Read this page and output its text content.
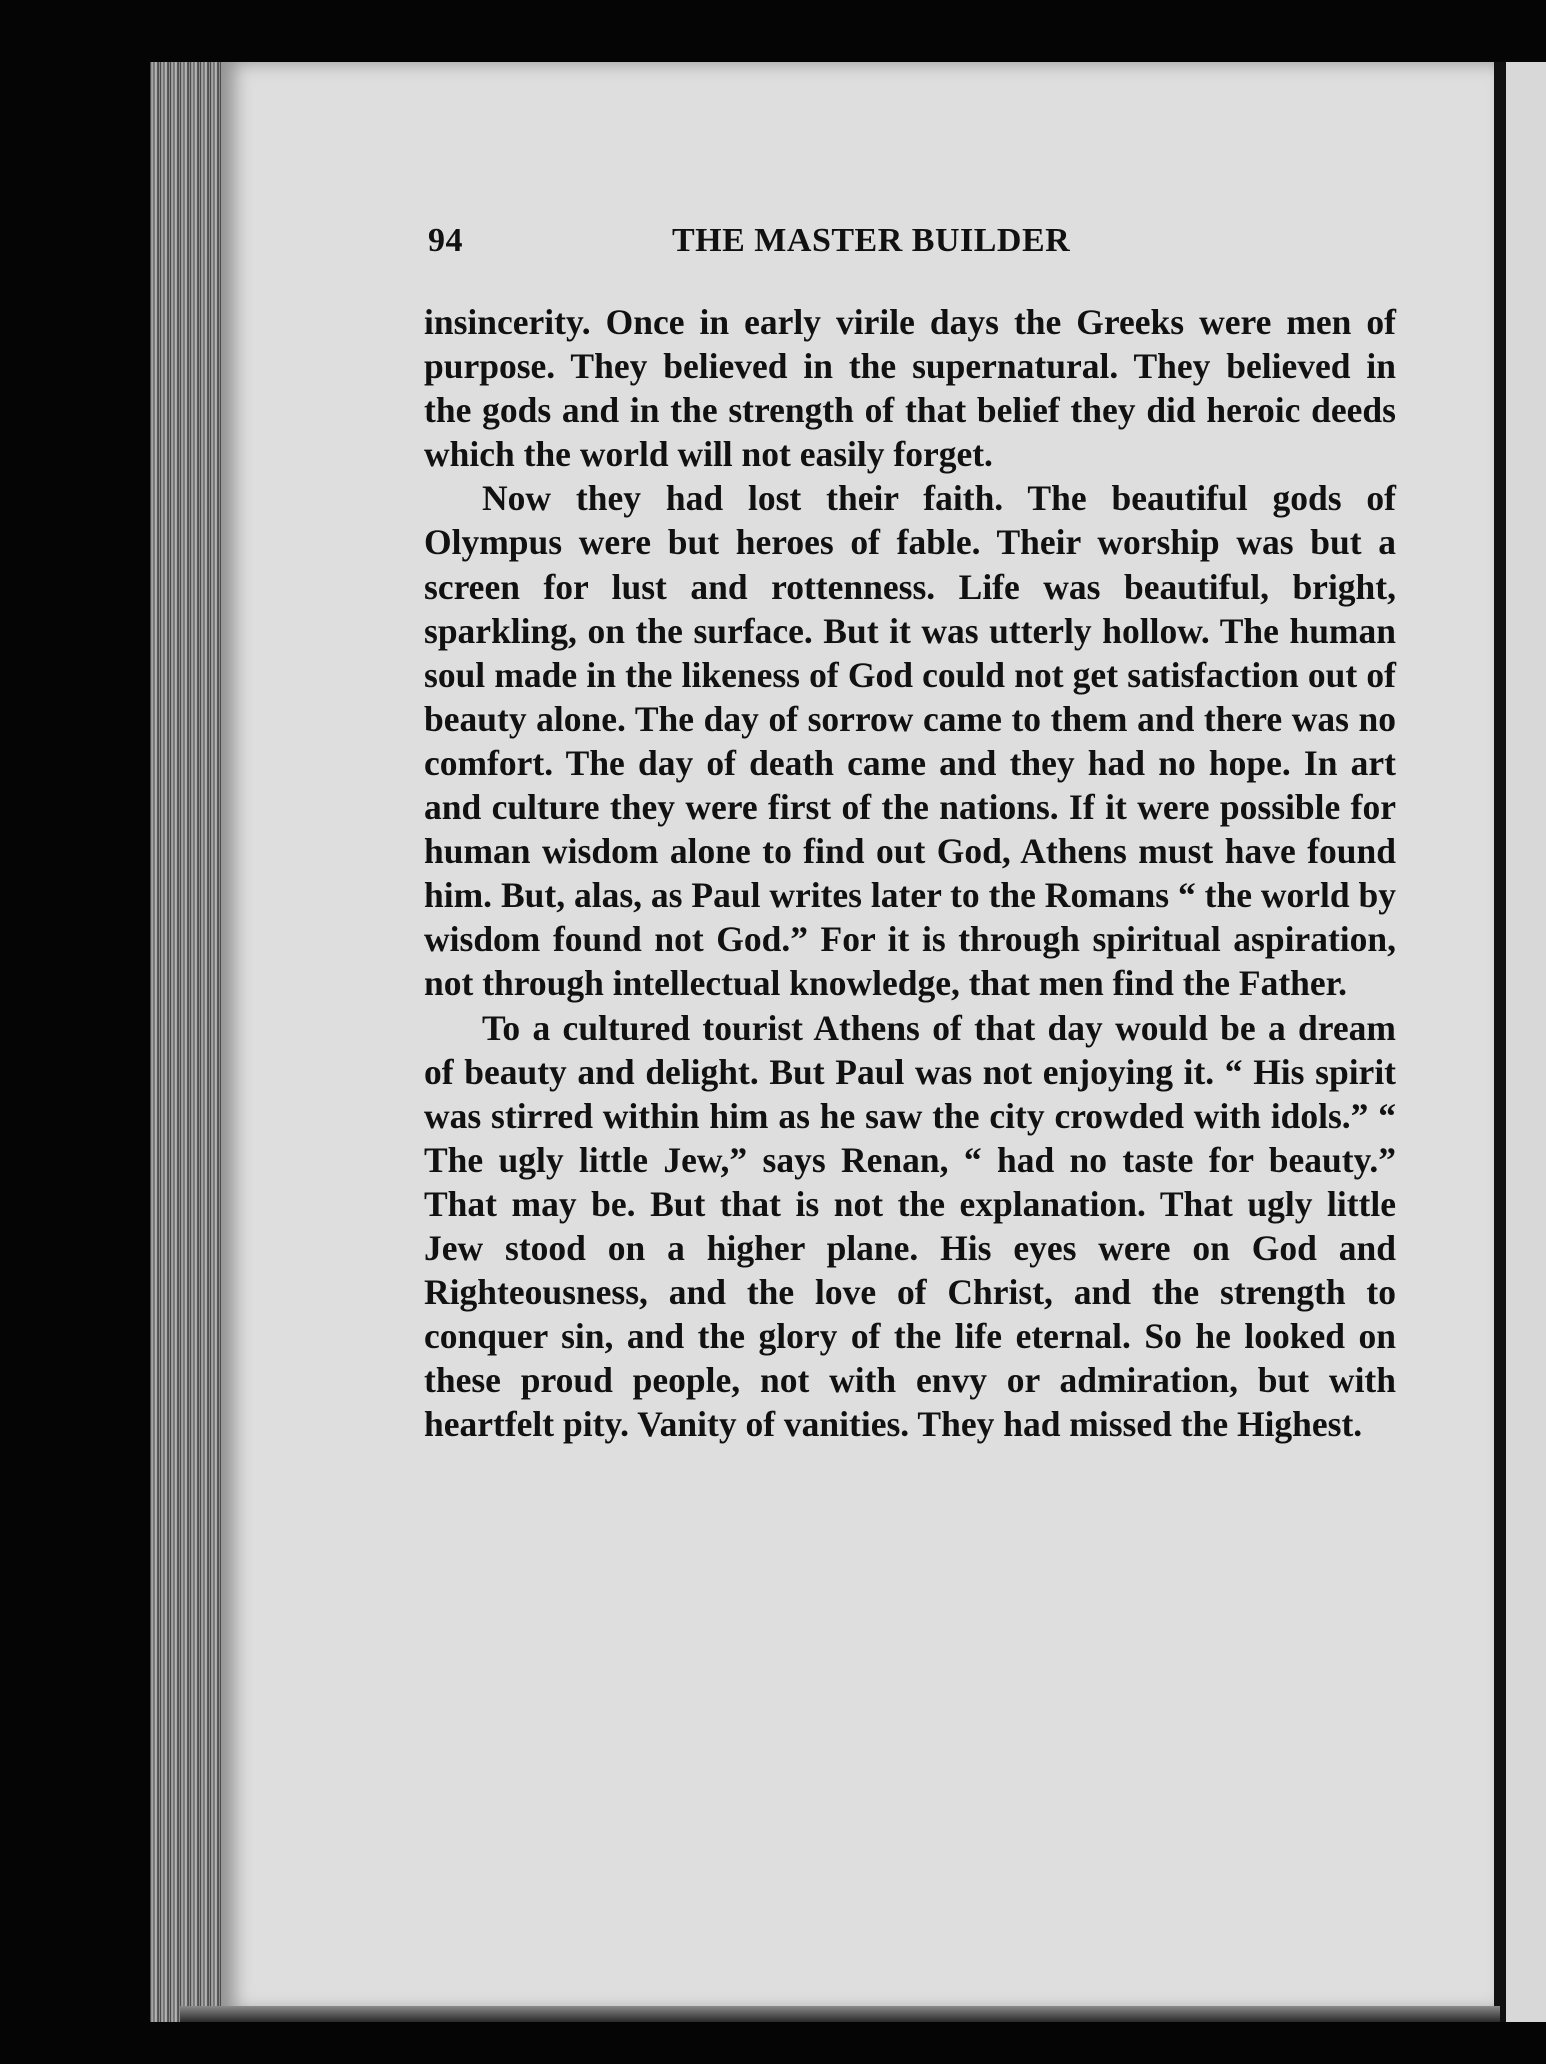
94	THE MASTER BUILDER

insincerity. Once in early virile days the Greeks were men of purpose. They believed in the supernatural. They believed in the gods and in the strength of that belief they did heroic deeds which the world will not easily forget.

Now they had lost their faith. The beautiful gods of Olympus were but heroes of fable. Their worship was but a screen for lust and rottenness. Life was beautiful, bright, sparkling, on the surface. But it was utterly hollow. The human soul made in the likeness of God could not get satisfaction out of beauty alone. The day of sorrow came to them and there was no comfort. The day of death came and they had no hope. In art and culture they were first of the nations. If it were possible for human wisdom alone to find out God, Athens must have found him. But, alas, as Paul writes later to the Romans “ the world by wisdom found not God.” For it is through spiritual aspiration, not through intellectual knowledge, that men find the Father.

To a cultured tourist Athens of that day would be a dream of beauty and delight. But Paul was not enjoying it. “ His spirit was stirred within him as he saw the city crowded with idols.” “ The ugly little Jew,” says Renan, “ had no taste for beauty.” That may be. But that is not the explanation. That ugly little Jew stood on a higher plane. His eyes were on God and Righteousness, and the love of Christ, and the strength to conquer sin, and the glory of the life eternal. So he looked on these proud people, not with envy or admiration, but with heartfelt pity. Vanity of vanities. They had missed the Highest.
